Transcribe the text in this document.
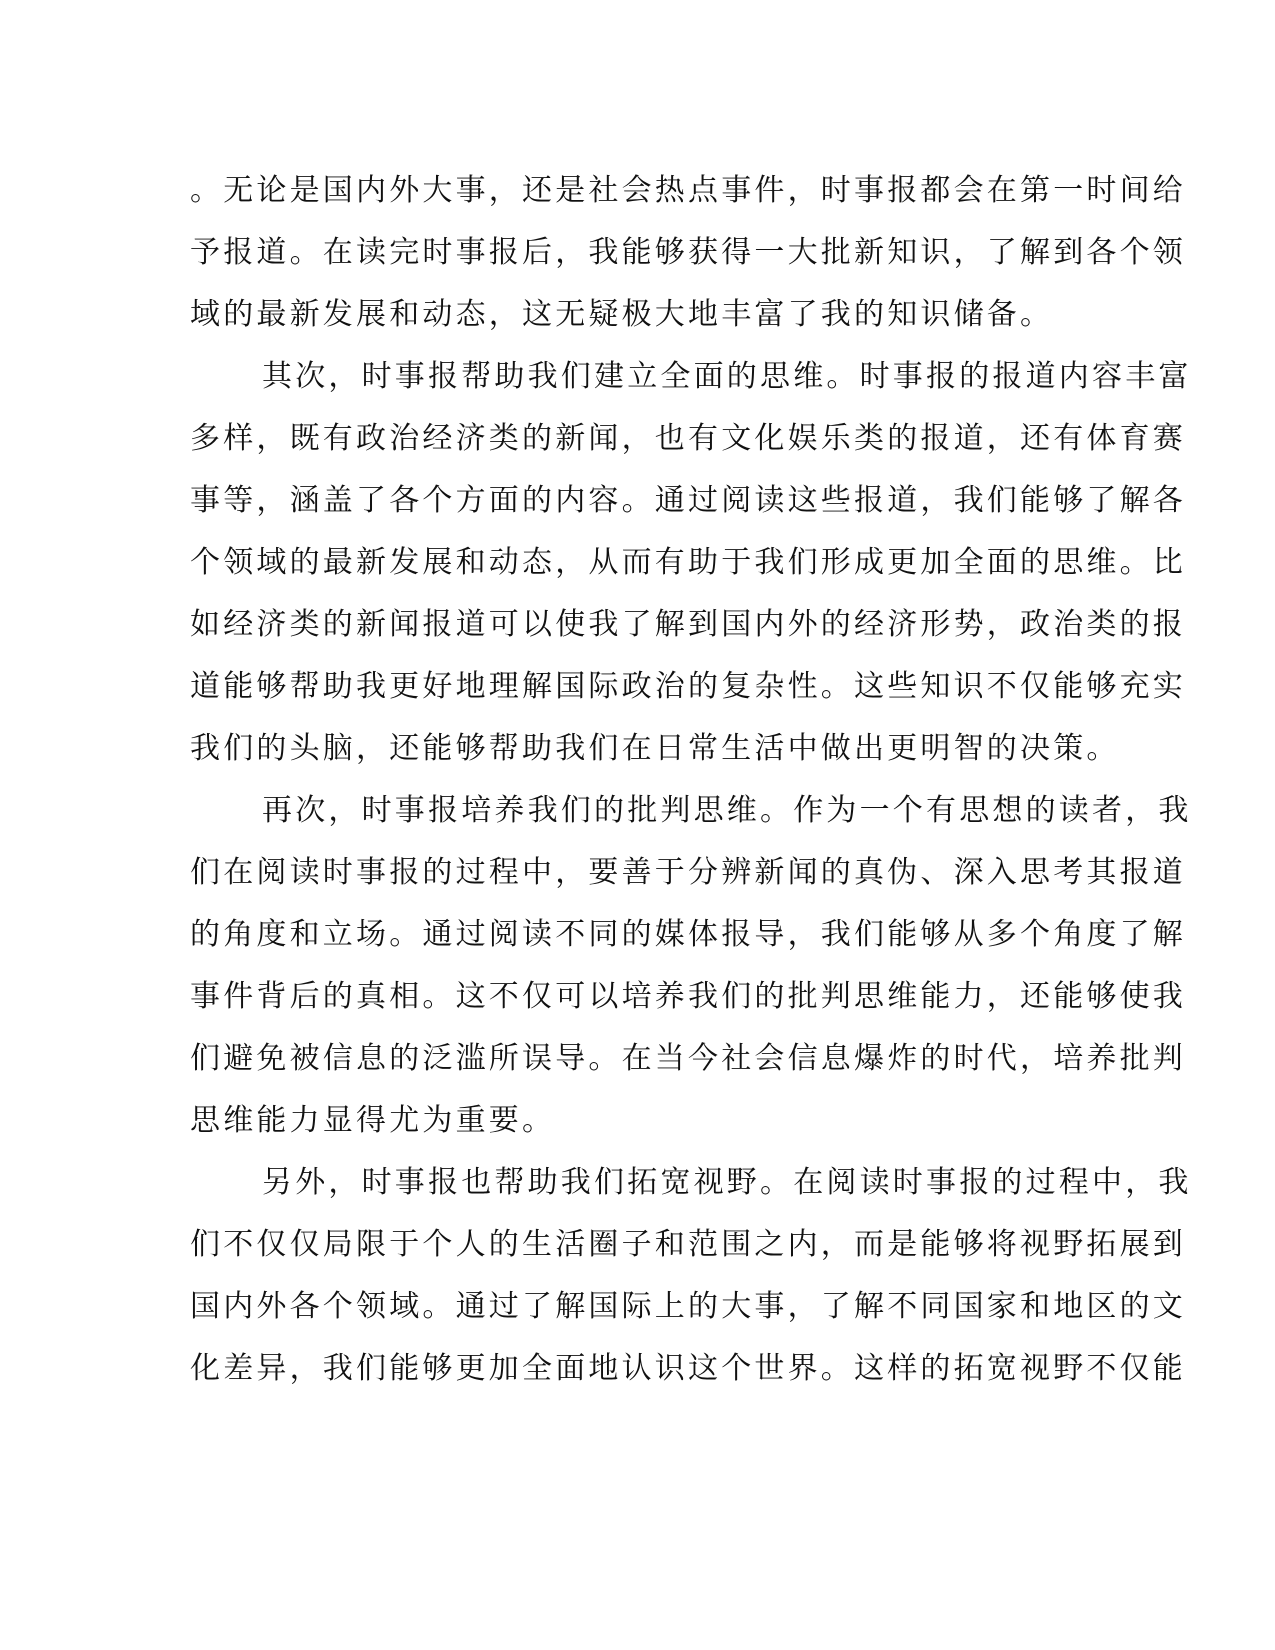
。无论是国内外大事，还是社会热点事件，时事报都会在第一时间给
予报道。在读完时事报后，我能够获得一大批新知识，了解到各个领
域的最新发展和动态，这无疑极大地丰富了我的知识储备。
其次，时事报帮助我们建立全面的思维。时事报的报道内容丰富
多样，既有政治经济类的新闻，也有文化娱乐类的报道，还有体育赛
事等，涵盖了各个方面的内容。通过阅读这些报道，我们能够了解各
个领域的最新发展和动态，从而有助于我们形成更加全面的思维。比
如经济类的新闻报道可以使我了解到国内外的经济形势，政治类的报
道能够帮助我更好地理解国际政治的复杂性。这些知识不仅能够充实
我们的头脑，还能够帮助我们在日常生活中做出更明智的决策。
再次，时事报培养我们的批判思维。作为一个有思想的读者，我
们在阅读时事报的过程中，要善于分辨新闻的真伪、深入思考其报道
的角度和立场。通过阅读不同的媒体报导，我们能够从多个角度了解
事件背后的真相。这不仅可以培养我们的批判思维能力，还能够使我
们避免被信息的泛滥所误导。在当今社会信息爆炸的时代，培养批判
思维能力显得尤为重要。
另外，时事报也帮助我们拓宽视野。在阅读时事报的过程中，我
们不仅仅局限于个人的生活圈子和范围之内，而是能够将视野拓展到
国内外各个领域。通过了解国际上的大事，了解不同国家和地区的文
化差异，我们能够更加全面地认识这个世界。这样的拓宽视野不仅能
